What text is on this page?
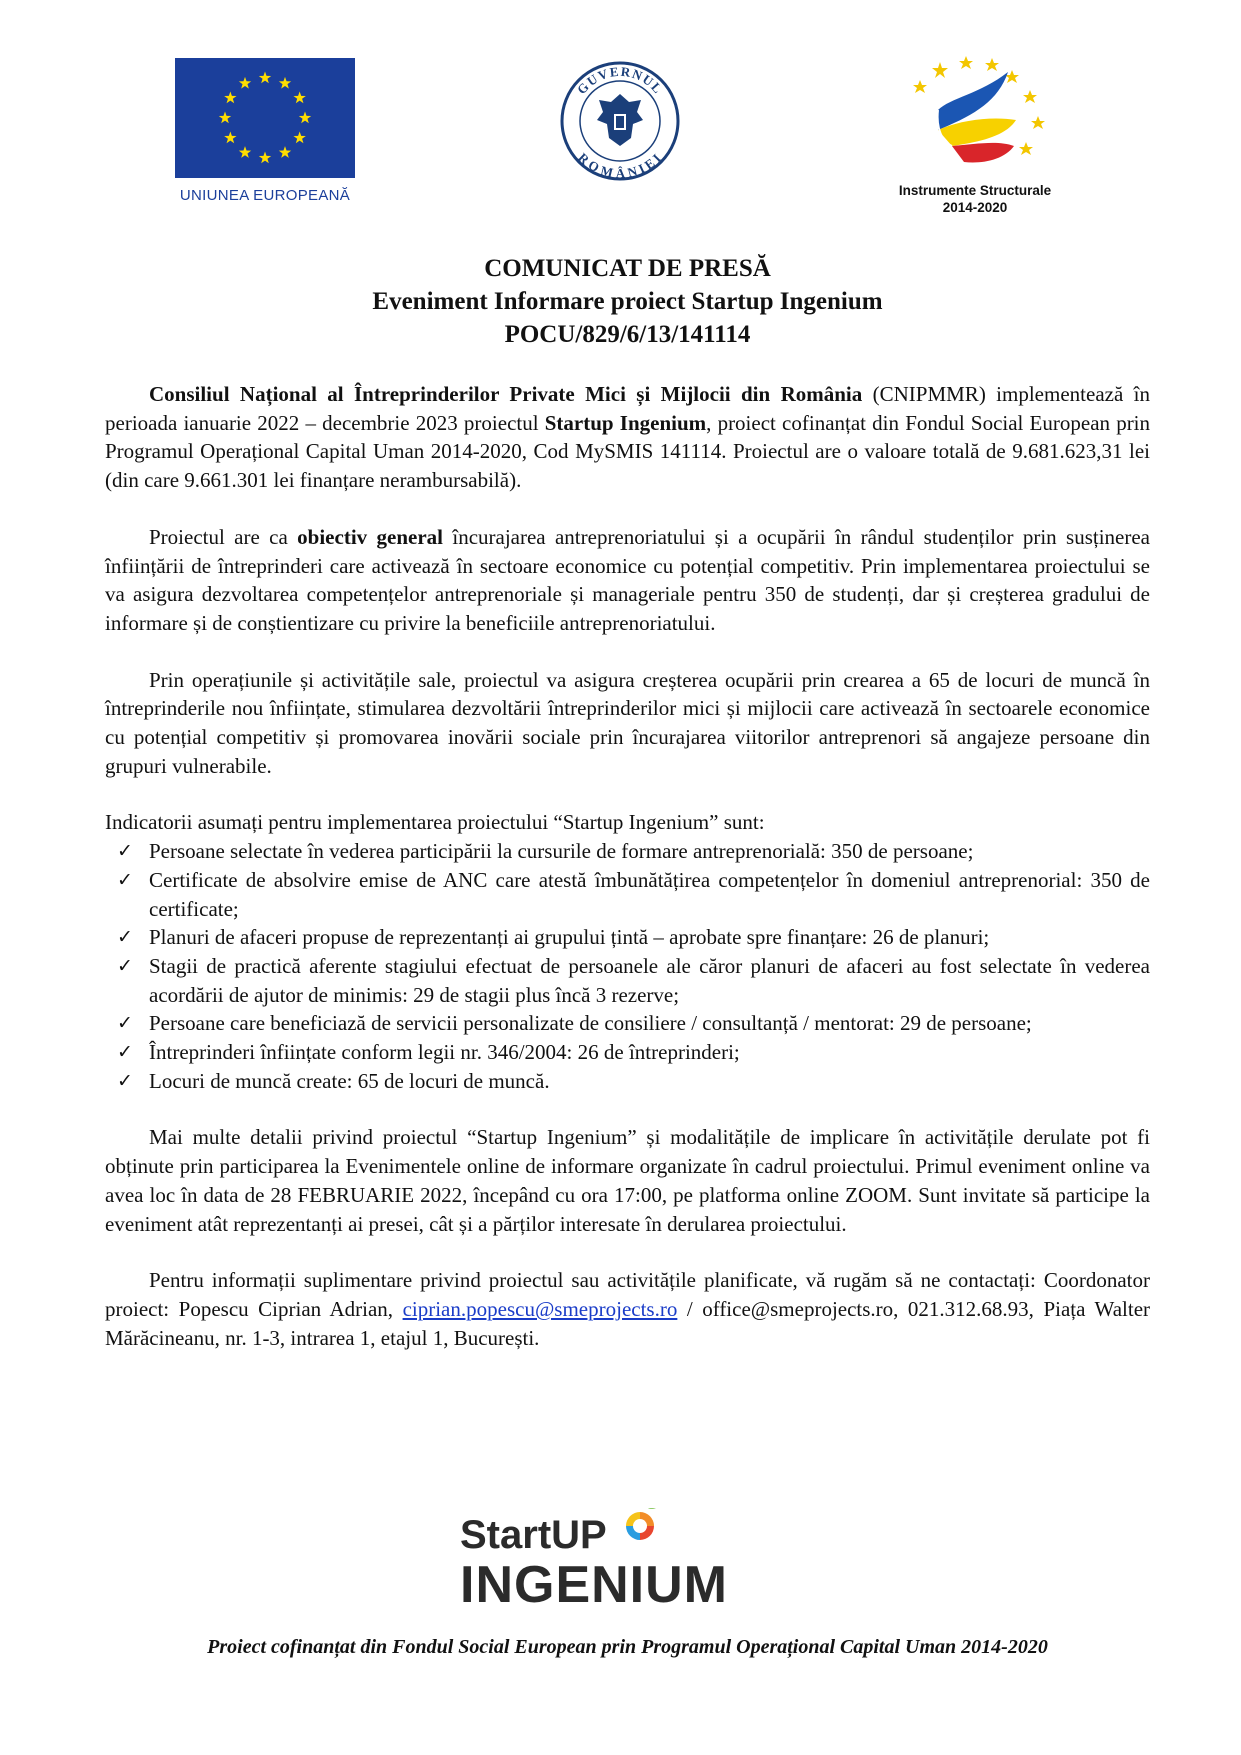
UNIUNEA EUROPEANĂ
GUVERNUL
ROMÂNIEI
Instrumente Structurale
2014-2020
COMUNICAT DE PRESĂ
Eveniment Informare proiect Startup Ingenium
POCU/829/6/13/141114

Consiliul Național al Întreprinderilor Private Mici și Mijlocii din România (CNIPMMR) implementează în perioada ianuarie 2022 – decembrie 2023 proiectul Startup Ingenium, proiect cofinanțat din Fondul Social European prin Programul Operațional Capital Uman 2014-2020, Cod MySMIS 141114. Proiectul are o valoare totală de 9.681.623,31 lei (din care 9.661.301 lei finanțare nerambursabilă).

Proiectul are ca obiectiv general încurajarea antreprenoriatului și a ocupării în rândul studenților prin susținerea înființării de întreprinderi care activează în sectoare economice cu potențial competitiv. Prin implementarea proiectului se va asigura dezvoltarea competențelor antreprenoriale și manageriale pentru 350 de studenți, dar și creșterea gradului de informare și de conștientizare cu privire la beneficiile antreprenoriatului.

Prin operațiunile și activitățile sale, proiectul va asigura creșterea ocupării prin crearea a 65 de locuri de muncă în întreprinderile nou înființate, stimularea dezvoltării întreprinderilor mici și mijlocii care activează în sectoarele economice cu potențial competitiv și promovarea inovării sociale prin încurajarea viitorilor antreprenori să angajeze persoane din grupuri vulnerabile.

Indicatorii asumați pentru implementarea proiectului “Startup Ingenium” sunt:

✓ Persoane selectate în vederea participării la cursurile de formare antreprenorială: 350 de persoane;
✓ Certificate de absolvire emise de ANC care atestă îmbunătățirea competențelor în domeniul antreprenorial: 350 de certificate;
✓ Planuri de afaceri propuse de reprezentanți ai grupului țintă – aprobate spre finanțare: 26 de planuri;
✓ Stagii de practică aferente stagiului efectuat de persoanele ale căror planuri de afaceri au fost selectate în vederea acordării de ajutor de minimis: 29 de stagii plus încă 3 rezerve;
✓ Persoane care beneficiază de servicii personalizate de consiliere / consultanță / mentorat: 29 de persoane;
✓ Întreprinderi înființate conform legii nr. 346/2004: 26 de întreprinderi;
✓ Locuri de muncă create: 65 de locuri de muncă.

Mai multe detalii privind proiectul “Startup Ingenium” și modalitățile de implicare în activitățile derulate pot fi obținute prin participarea la Evenimentele online de informare organizate în cadrul proiectului. Primul eveniment online va avea loc în data de 28 FEBRUARIE 2022, începând cu ora 17:00, pe platforma online ZOOM. Sunt invitate să participe la eveniment atât reprezentanți ai presei, cât și a părților interesate în derularea proiectului.

Pentru informații suplimentare privind proiectul sau activitățile planificate, vă rugăm să ne contactați: Coordonator proiect: Popescu Ciprian Adrian, ciprian.popescu@smeprojects.ro / office@smeprojects.ro, 021.312.68.93, Piața Walter Mărăcineanu, nr. 1-3, intrarea 1, etajul 1, București.

StartUP
INGENIUM
Proiect cofinanțat din Fondul Social European prin Programul Operațional Capital Uman 2014-2020
